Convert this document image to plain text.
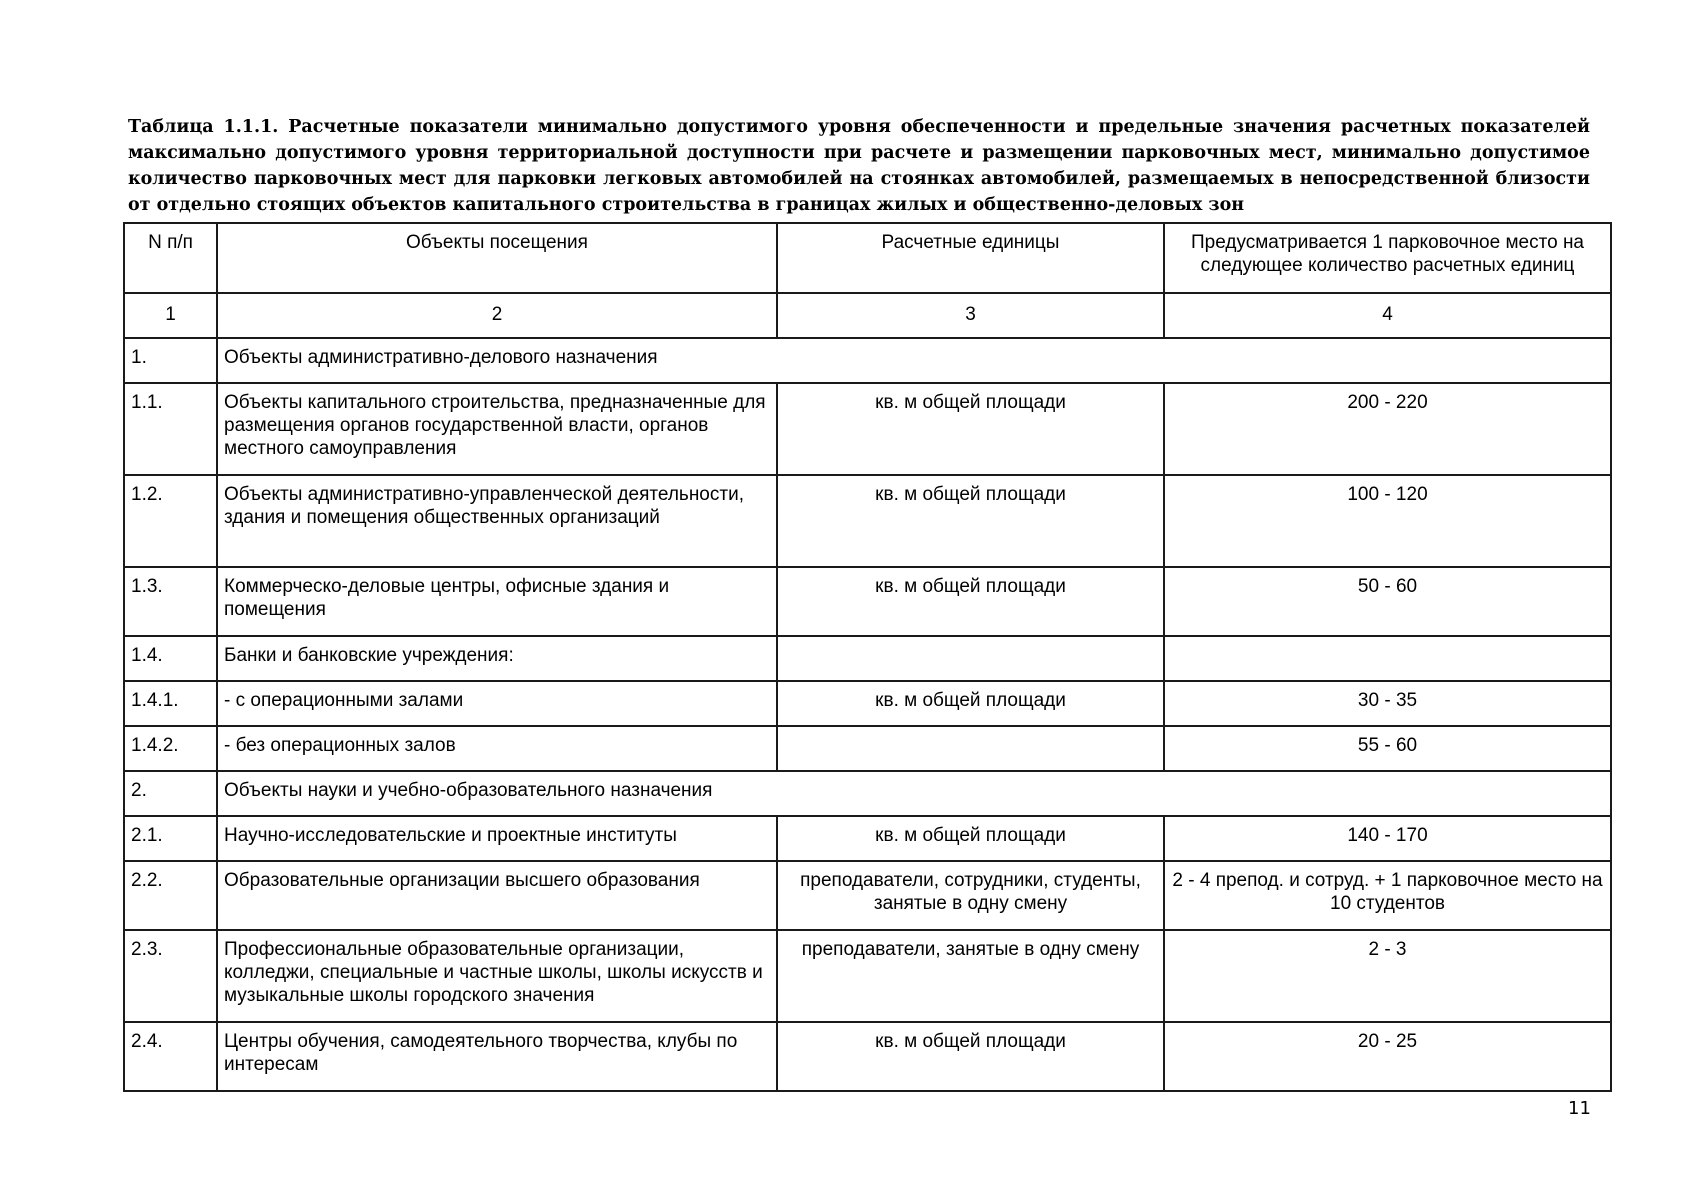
Таблица 1.1.1. Расчетные показатели минимально допустимого уровня обеспеченности и предельные значения расчетных показателей максимально допустимого уровня территориальной доступности при расчете и размещении парковочных мест, минимально допустимое количество парковочных мест для парковки легковых автомобилей на стоянках автомобилей, размещаемых в непосредственной близости от отдельно стоящих объектов капитального строительства в границах жилых и общественно-деловых зон
N п/п	Объекты посещения	Расчетные единицы	Предусматривается 1 парковочное место на следующее количество расчетных единиц
1	2	3	4
1.	Объекты административно-делового назначения		
1.1.	Объекты капитального строительства, предназначенные для размещения органов государственной власти, органов местного самоуправления	кв. м общей площади	200 - 220
1.2.	Объекты административно-управленческой деятельности, здания и помещения общественных организаций	кв. м общей площади	100 - 120
1.3.	Коммерческо-деловые центры, офисные здания и помещения	кв. м общей площади	50 - 60
1.4.	Банки и банковские учреждения:		
1.4.1.	- с операционными залами	кв. м общей площади	30 - 35
1.4.2.	- без операционных залов		55 - 60
2.	Объекты науки и учебно-образовательного назначения		
2.1.	Научно-исследовательские и проектные институты	кв. м общей площади	140 - 170
2.2.	Образовательные организации высшего образования	преподаватели, сотрудники, студенты, занятые в одну смену	2 - 4 препод. и сотруд. + 1 парковочное место на 10 студентов
2.3.	Профессиональные образовательные организации, колледжи, специальные и частные школы, школы искусств и музыкальные школы городского значения	преподаватели, занятые в одну смену	2 - 3
2.4.	Центры обучения, самодеятельного творчества, клубы по интересам	кв. м общей площади	20 - 25
11
